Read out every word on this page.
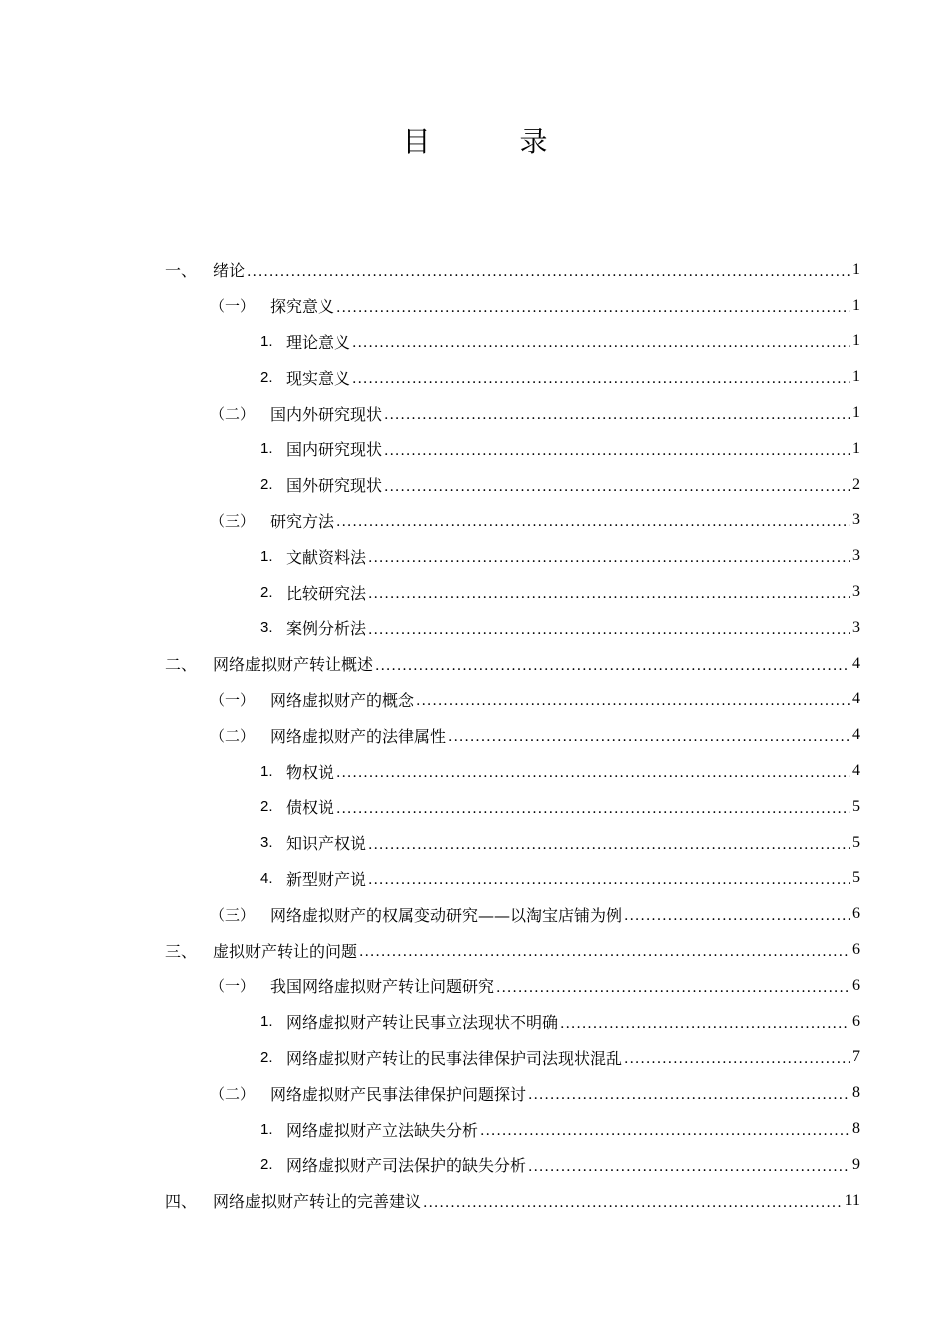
目 录
一、 绪论 .....	1
（一） 探究意义 .....	1
1. 理论意义 .....	1
2. 现实意义 .....	1
（二） 国内外研究现状 .....	1
1. 国内研究现状 .....	1
2. 国外研究现状 .....	2
（三） 研究方法 .....	3
1. 文献资料法 .....	3
2. 比较研究法 .....	3
3. 案例分析法 .....	3
二、 网络虚拟财产转让概述 .....	4
（一） 网络虚拟财产的概念 .....	4
（二） 网络虚拟财产的法律属性 .....	4
1. 物权说 .....	4
2. 债权说 .....	5
3. 知识产权说 .....	5
4. 新型财产说 .....	5
（三） 网络虚拟财产的权属变动研究——以淘宝店铺为例 .....	6
三、 虚拟财产转让的问题 .....	6
（一） 我国网络虚拟财产转让问题研究 .....	6
1. 网络虚拟财产转让民事立法现状不明确 .....	6
2. 网络虚拟财产转让的民事法律保护司法现状混乱 .....	7
（二） 网络虚拟财产民事法律保护问题探讨 .....	8
1. 网络虚拟财产立法缺失分析 .....	8
2. 网络虚拟财产司法保护的缺失分析 .....	9
四、 网络虚拟财产转让的完善建议 .....	11
